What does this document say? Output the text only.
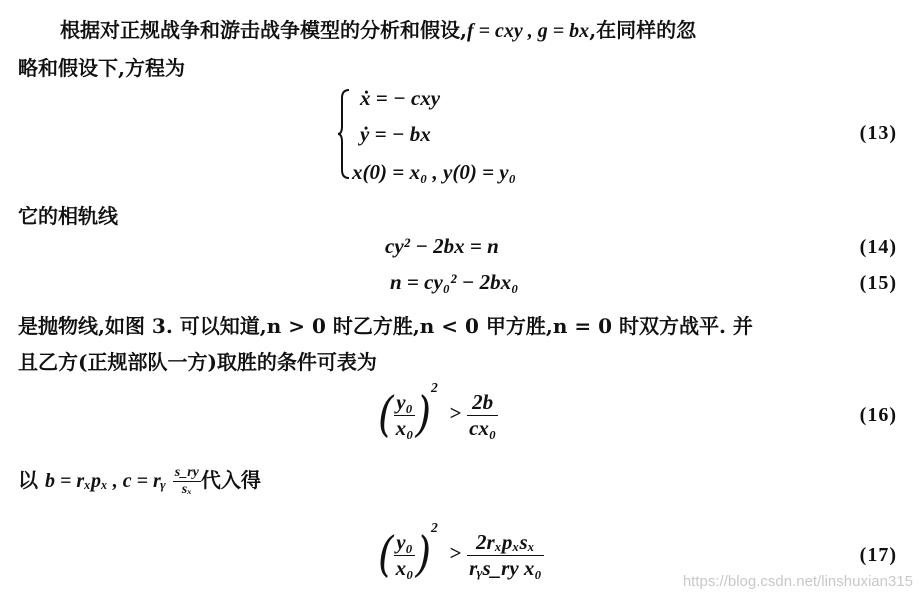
根据对正规战争和游击战争模型的分析和假设,f = cxy , g = bx,在同样的忽
略和假设下,方程为
ẋ = − cxy
ẏ = − bx
x(0) = x₀ , y(0) = y₀
(13)
它的相轨线
cy² − 2bx = n	(14)
n = cy₀² − 2bx₀	(15)
是抛物线,如图 3. 可以知道,n > 0 时乙方胜,n < 0 甲方胜,n = 0 时双方战平. 并
且乙方(正规部队一方)取胜的条件可表为
( $\frac{\text{y₀}}{\text{x₀}} )^2 > \frac{2b}{\text{cx₀}}$	(16)
以 b = rₓpₓ , c = rᵧ $\frac{s\_ry}{\text{sₓ}}$ 代入得
( $\frac{\text{y₀}}{\text{x₀}} )^2 > \frac{\text{2rₓpₓsₓ}}{\text{rᵧs\_ry x₀}}$	(17)
https://blog.csdn.net/linshuxian315
